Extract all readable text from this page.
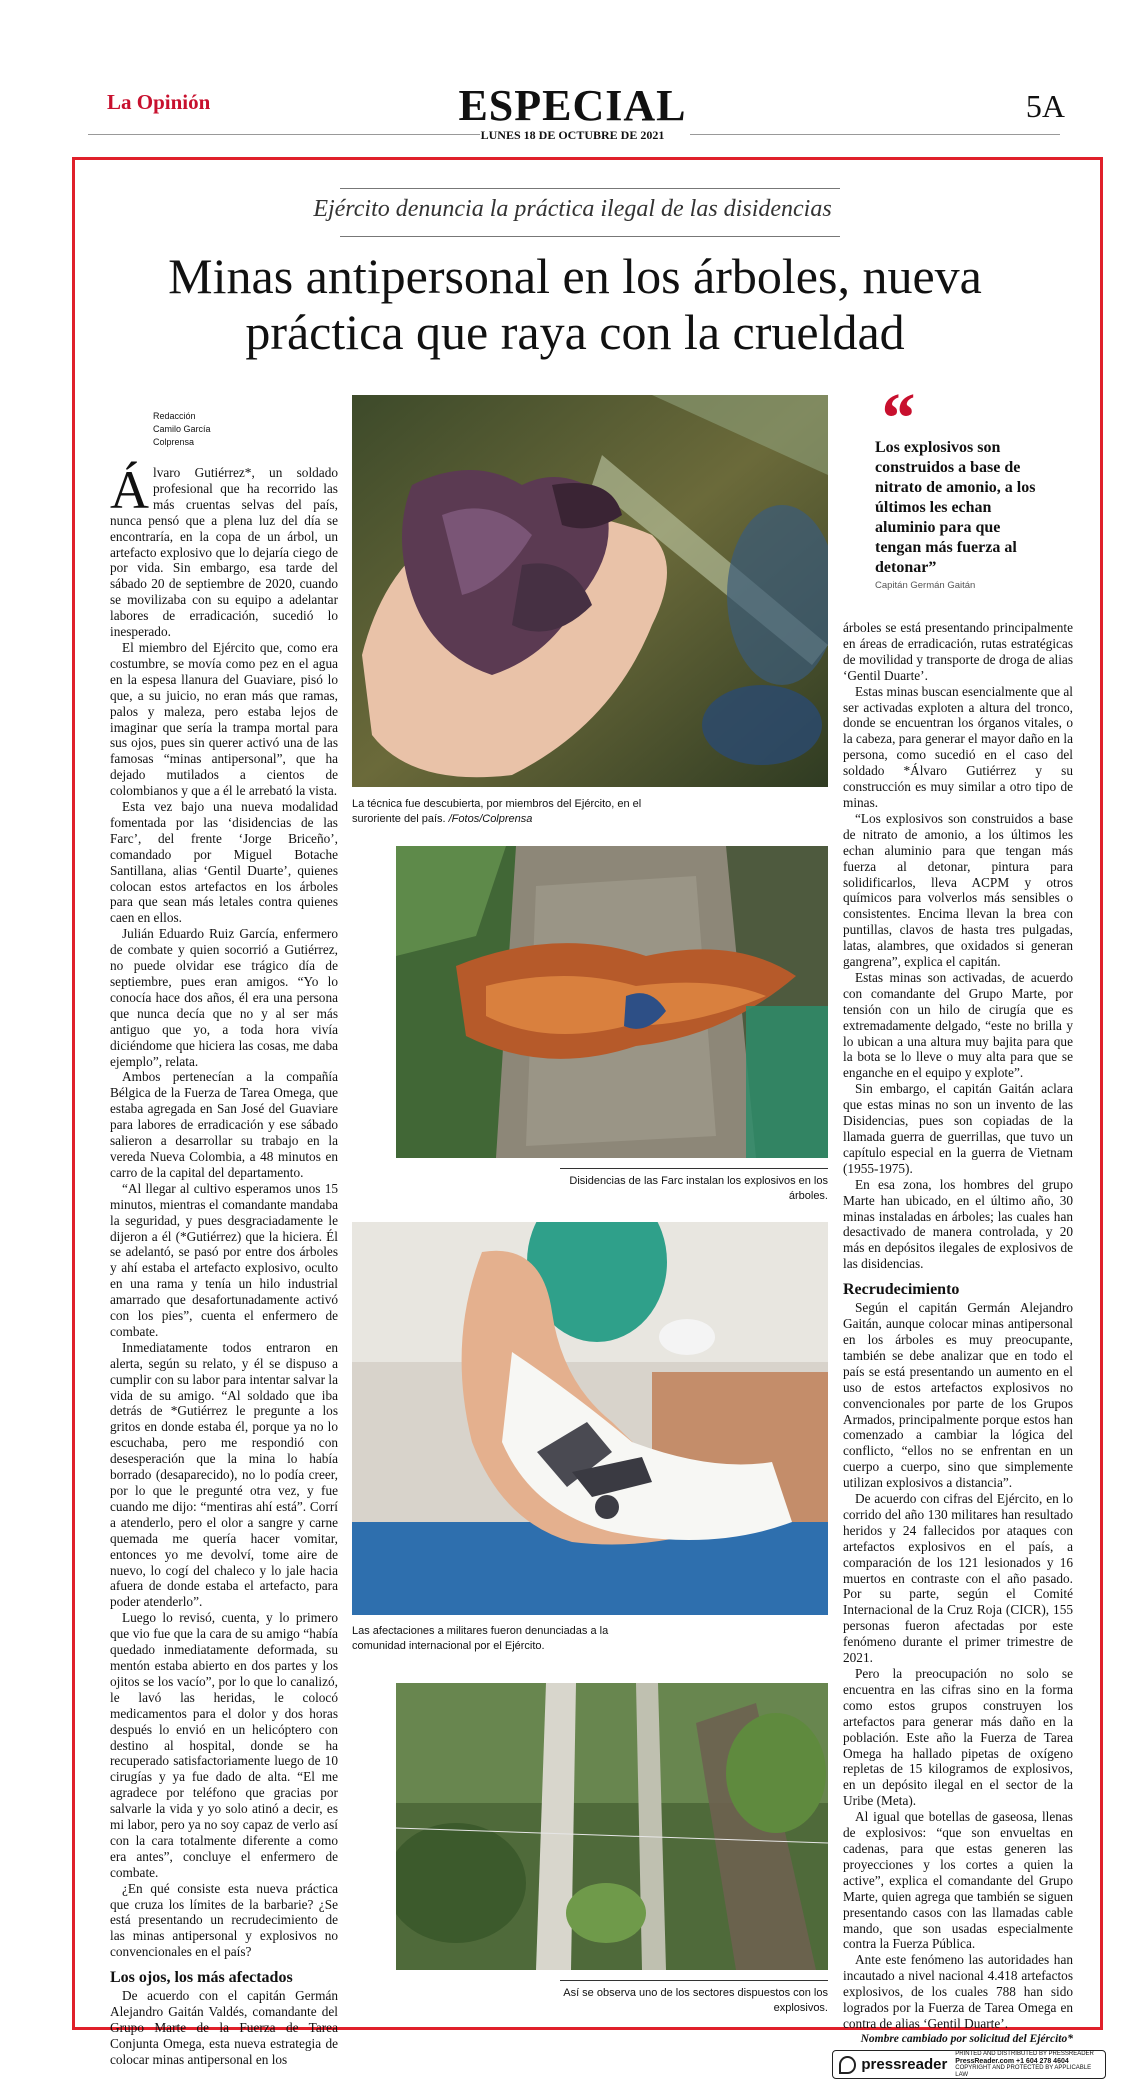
La Opinión	ESPECIAL
LUNES 18 DE OCTUBRE DE 2021
5A
Ejército denuncia la práctica ilegal de las disidencias
Minas antipersonal en los árboles, nueva
práctica que raya con la crueldad
Redacción
Camilo García
Colprensa

Álvaro Gutiérrez*, un soldado profesional que ha recorrido las más cruentas selvas del país, nunca pensó que a plena luz del día se encontraría, en la copa de un árbol, un artefacto explosivo que lo dejaría ciego de por vida. Sin embargo, esa tarde del sábado 20 de septiembre de 2020, cuando se movilizaba con su equipo a adelantar labores de erradicación, sucedió lo inesperado.

El miembro del Ejército que, como era costumbre, se movía como pez en el agua en la espesa llanura del Guaviare, pisó lo que, a su juicio, no eran más que ramas, palos y maleza, pero estaba lejos de imaginar que sería la trampa mortal para sus ojos, pues sin querer activó una de las famosas “minas antipersonal”, que ha dejado mutilados a cientos de colombianos y que a él le arrebató la vista.

Esta vez bajo una nueva modalidad fomentada por las ‘disidencias de las Farc’, del frente ‘Jorge Briceño’, comandado por Miguel Botache Santillana, alias ‘Gentil Duarte’, quienes colocan estos artefactos en los árboles para que sean más letales contra quienes caen en ellos.

Julián Eduardo Ruiz García, enfermero de combate y quien socorrió a Gutiérrez, no puede olvidar ese trágico día de septiembre, pues eran amigos. “Yo lo conocía hace dos años, él era una persona que nunca decía que no y al ser más antiguo que yo, a toda hora vivía diciéndome que hiciera las cosas, me daba ejemplo”, relata.

Ambos pertenecían a la compañía Bélgica de la Fuerza de Tarea Omega, que estaba agregada en San José del Guaviare para labores de erradicación y ese sábado salieron a desarrollar su trabajo en la vereda Nueva Colombia, a 48 minutos en carro de la capital del departamento.

“Al llegar al cultivo esperamos unos 15 minutos, mientras el comandante mandaba la seguridad, y pues desgraciadamente le dijeron a él (*Gutiérrez) que la hiciera. Él se adelantó, se pasó por entre dos árboles y ahí estaba el artefacto explosivo, oculto en una rama y tenía un hilo industrial amarrado que desafortunadamente activó con los pies”, cuenta el enfermero de combate.

Inmediatamente todos entraron en alerta, según su relato, y él se dispuso a cumplir con su labor para intentar salvar la vida de su amigo. “Al soldado que iba detrás de *Gutiérrez le pregunte a los gritos en donde estaba él, porque ya no lo escuchaba, pero me respondió con desesperación que la mina lo había borrado (desaparecido), no lo podía creer, por lo que le pregunté otra vez, y fue cuando me dijo: “mentiras ahí está”. Corrí a atenderlo, pero el olor a sangre y carne quemada me quería hacer vomitar, entonces yo me devolví, tome aire de nuevo, lo cogí del chaleco y lo jale hacia afuera de donde estaba el artefacto, para poder atenderlo”.

Luego lo revisó, cuenta, y lo primero que vio fue que la cara de su amigo “había quedado inmediatamente deformada, su mentón estaba abierto en dos partes y los ojitos se los vacío”, por lo que lo canalizó, le lavó las heridas, le colocó medicamentos para el dolor y dos horas después lo envió en un helicóptero con destino al hospital, donde se ha recuperado satisfactoriamente luego de 10 cirugías y ya fue dado de alta. “El me agradece por teléfono que gracias por salvarle la vida y yo solo atinó a decir, es mi labor, pero ya no soy capaz de verlo así con la cara totalmente diferente a como era antes”, concluye el enfermero de combate.

¿En qué consiste esta nueva práctica que cruza los límites de la barbarie? ¿Se está presentando un recrudecimiento de las minas antipersonal y explosivos no convencionales en el país?

Los ojos, los más afectados

De acuerdo con el capitán Germán Alejandro Gaitán Valdés, comandante del Grupo Marte de la Fuerza de Tarea Conjunta Omega, esta nueva estrategia de colocar minas antipersonal en los

La técnica fue descubierta, por miembros del Ejército, en el suroriente del país. /Fotos/Colprensa
Disidencias de las Farc instalan los explosivos en los árboles.
Las afectaciones a militares fueron denunciadas a la comunidad internacional por el Ejército.
Así se observa uno de los sectores dispuestos con los explosivos.
“
Los explosivos son construidos a base de nitrato de amonio, a los últimos les echan aluminio para que tengan más fuerza al detonar”
Capitán Germán Gaitán

árboles se está presentando principalmente en áreas de erradicación, rutas estratégicas de movilidad y transporte de droga de alias ‘Gentil Duarte’.

Estas minas buscan esencialmente que al ser activadas exploten a altura del tronco, donde se encuentran los órganos vitales, o la cabeza, para generar el mayor daño en la persona, como sucedió en el caso del soldado *Álvaro Gutiérrez y su construcción es muy similar a otro tipo de minas.

“Los explosivos son construidos a base de nitrato de amonio, a los últimos les echan aluminio para que tengan más fuerza al detonar, pintura para solidificarlos, lleva ACPM y otros químicos para volverlos más sensibles o consistentes. Encima llevan la brea con puntillas, clavos de hasta tres pulgadas, latas, alambres, que oxidados si generan gangrena”, explica el capitán.

Estas minas son activadas, de acuerdo con comandante del Grupo Marte, por tensión con un hilo de cirugía que es extremadamente delgado, “este no brilla y lo ubican a una altura muy bajita para que la bota se lo lleve o muy alta para que se enganche en el equipo y explote”.

Sin embargo, el capitán Gaitán aclara que estas minas no son un invento de las Disidencias, pues son copiadas de la llamada guerra de guerrillas, que tuvo un capítulo especial en la guerra de Vietnam (1955-1975).

En esa zona, los hombres del grupo Marte han ubicado, en el último año, 30 minas instaladas en árboles; las cuales han desactivado de manera controlada, y 20 más en depósitos ilegales de explosivos de las disidencias.

Recrudecimiento

Según el capitán Germán Alejandro Gaitán, aunque colocar minas antipersonal en los árboles es muy preocupante, también se debe analizar que en todo el país se está presentando un aumento en el uso de estos artefactos explosivos no convencionales por parte de los Grupos Armados, principalmente porque estos han comenzado a cambiar la lógica del conflicto, “ellos no se enfrentan en un cuerpo a cuerpo, sino que simplemente utilizan explosivos a distancia”.

De acuerdo con cifras del Ejército, en lo corrido del año 130 militares han resultado heridos y 24 fallecidos por ataques con artefactos explosivos en el país, a comparación de los 121 lesionados y 16 muertos en contraste con el año pasado. Por su parte, según el Comité Internacional de la Cruz Roja (CICR), 155 personas fueron afectadas por este fenómeno durante el primer trimestre de 2021.

Pero la preocupación no solo se encuentra en las cifras sino en la forma como estos grupos construyen los artefactos para generar más daño en la población. Este año la Fuerza de Tarea Omega ha hallado pipetas de oxígeno repletas de 15 kilogramos de explosivos, en un depósito ilegal en el sector de la Uribe (Meta).

Al igual que botellas de gaseosa, llenas de explosivos: “que son envueltas en cadenas, para que estas generen las proyecciones y los cortes a quien la active”, explica el comandante del Grupo Marte, quien agrega que también se siguen presentando casos con las llamadas cable mando, que son usadas especialmente contra la Fuerza Pública.

Ante este fenómeno las autoridades han incautado a nivel nacional 4.418 artefactos explosivos, de los cuales 788 han sido logrados por la Fuerza de Tarea Omega en contra de alias ‘Gentil Duarte’.

Nombre cambiado por solicitud del Ejército*

pressreader
PRINTED AND DISTRIBUTED BY PRESSREADER
PressReader.com +1 604 278 4604
COPYRIGHT AND PROTECTED BY APPLICABLE LAW
